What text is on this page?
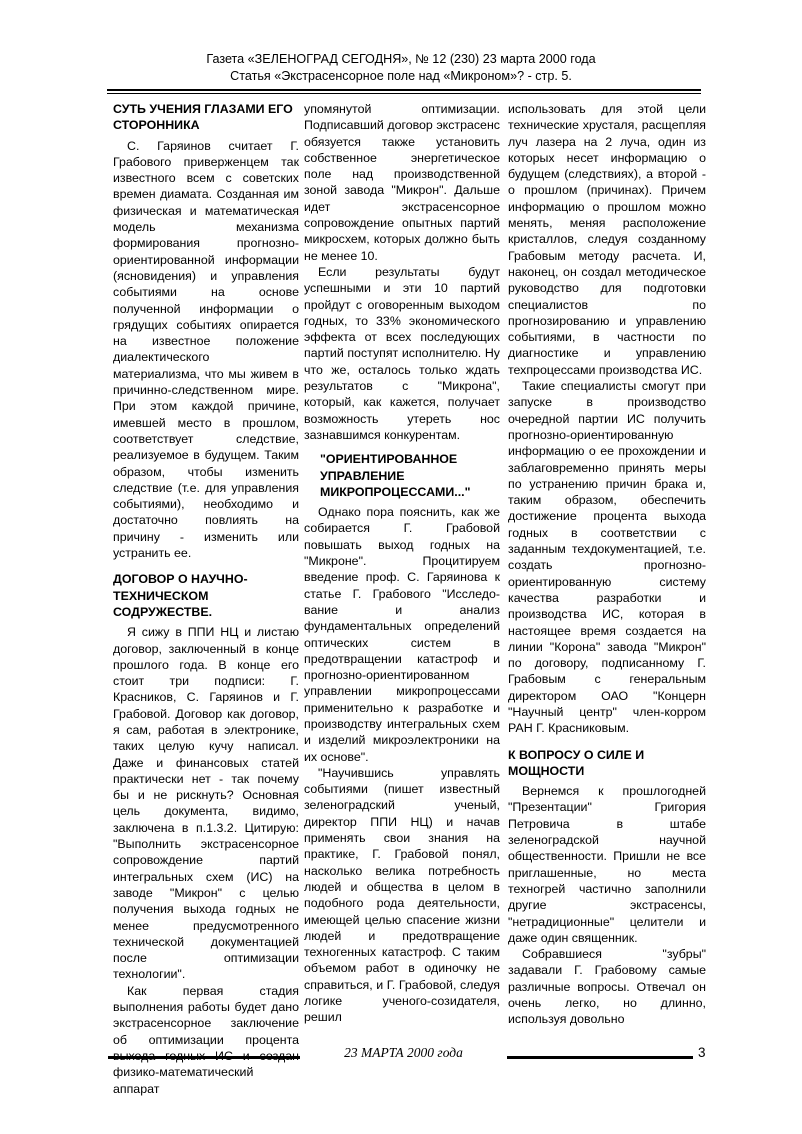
Газета «ЗЕЛЕНОГРАД СЕГОДНЯ», № 12 (230) 23 марта 2000 года
Статья «Экстрасенсорное поле над «Микроном»? - стр. 5.
СУТЬ УЧЕНИЯ ГЛАЗАМИ ЕГО СТОРОННИКА

С. Гаряинов считает Г. Грабового приверженцем так известного всем с советских времен диамата. Созданная им физическая и математическая модель механизма формирования прогнозно-ориентированной информации (ясновидения) и управления событиями на основе полученной информации о грядущих событиях опирается на известное положение диалектического материализма, что мы живем в причинно-следственном мире. При этом каждой причине, имевшей место в прошлом, соответствует следствие, реализуемое в будущем. Таким образом, чтобы изменить следствие (т.е. для управления событиями), необходимо и достаточно повлиять на причину - изменить или устранить ее.

ДОГОВОР О НАУЧНО-ТЕХНИЧЕСКОМ СОДРУЖЕСТВЕ.

Я сижу в ППИ НЦ и листаю договор, заключенный в конце прошлого года. В конце его стоит три подписи: Г. Красников, С. Гаряинов и Г. Грабовой. Договор как договор, я сам, работая в электронике, таких целую кучу написал. Даже и финансовых статей практически нет - так почему бы и не рискнуть? Основная цель документа, видимо, заключена в п.1.3.2. Цитирую: "Выполнить экстрасенсорное сопровождение партий интегральных схем (ИС) на заводе "Микрон" с целью получения выхода годных не менее предусмотренного технической документацией после оптимизации технологии".

Как первая стадия выполнения работы будет дано экстрасенсорное заключение об оптимизации процента выхода годных ИС и создан физико-математический аппарат

упомянутой оптимизации. Подписавший договор экстрасенс обязуется также установить собственное энергетическое поле над производственной зоной завода "Микрон". Дальше идет экстрасенсорное сопровождение опытных партий микросхем, которых должно быть не менее 10.

Если результаты будут успешными и эти 10 партий пройдут с оговоренным выходом годных, то 33% экономического эффекта от всех последующих партий поступят исполнителю. Ну что же, осталось только ждать результатов с "Микрона", который, как кажется, получает возможность утереть нос зазнавшимся конкурентам.

"ОРИЕНТИРОВАННОЕ УПРАВЛЕНИЕ МИКРОПРОЦЕССАМИ..."

Однако пора пояснить, как же собирается Г. Грабовой повышать выход годных на "Микроне". Процитируем введение проф. С. Гаряинова к статье Г. Грабового "Исследо-вание и анализ фундаментальных определений оптических систем в предотвращении катастроф и прогнозно-ориентированном управлении микропроцессами применительно к разработке и производству интегральных схем и изделий микроэлектроники на их основе".

"Научившись управлять событиями (пишет известный зеленоградский ученый, директор ППИ НЦ) и начав применять свои знания на практике, Г. Грабовой понял, насколько велика потребность людей и общества в целом в подобного рода деятельности, имеющей целью спасение жизни людей и предотвращение техногенных катастроф. С таким объемом работ в одиночку не справиться, и Г. Грабовой, следуя логике ученого-созидателя, решил

использовать для этой цели технические хрусталя, расщепляя луч лазера на 2 луча, один из которых несет информацию о будущем (следствиях), а второй - о прошлом (причинах). Причем информацию о прошлом можно менять, меняя расположение кристаллов, следуя созданному Грабовым методу расчета. И, наконец, он создал методическое руководство для подготовки специалистов по прогнозированию и управлению событиями, в частности по диагностике и управлению техпроцессами производства ИС.

Такие специалисты смогут при запуске в производство очередной партии ИС получить прогнозно-ориентированную информацию о ее прохождении и заблаговременно принять меры по устранению причин брака и, таким образом, обеспечить достижение процента выхода годных в соответствии с заданным техдокументацией, т.е. создать прогнозно-ориентированную систему качества разработки и производства ИС, которая в настоящее время создается на линии "Корона" завода "Микрон" по договору, подписанному Г. Грабовым с генеральным директором ОАО "Концерн "Научный центр" член-корром РАН Г. Красниковым.

К ВОПРОСУ О СИЛЕ И МОЩНОСТИ

Вернемся к прошлогодней "Презентации" Григория Петровича в штабе зеленоградской научной общественности. Пришли не все приглашенные, но места техногрей частично заполнили другие экстрасенсы, "нетрадиционные" целители и даже один священник.

Собравшиеся "зубры" задавали Г. Грабовому самые различные вопросы. Отвечал он очень легко, но длинно, используя довольно

23 МАРТА 2000 года	3
